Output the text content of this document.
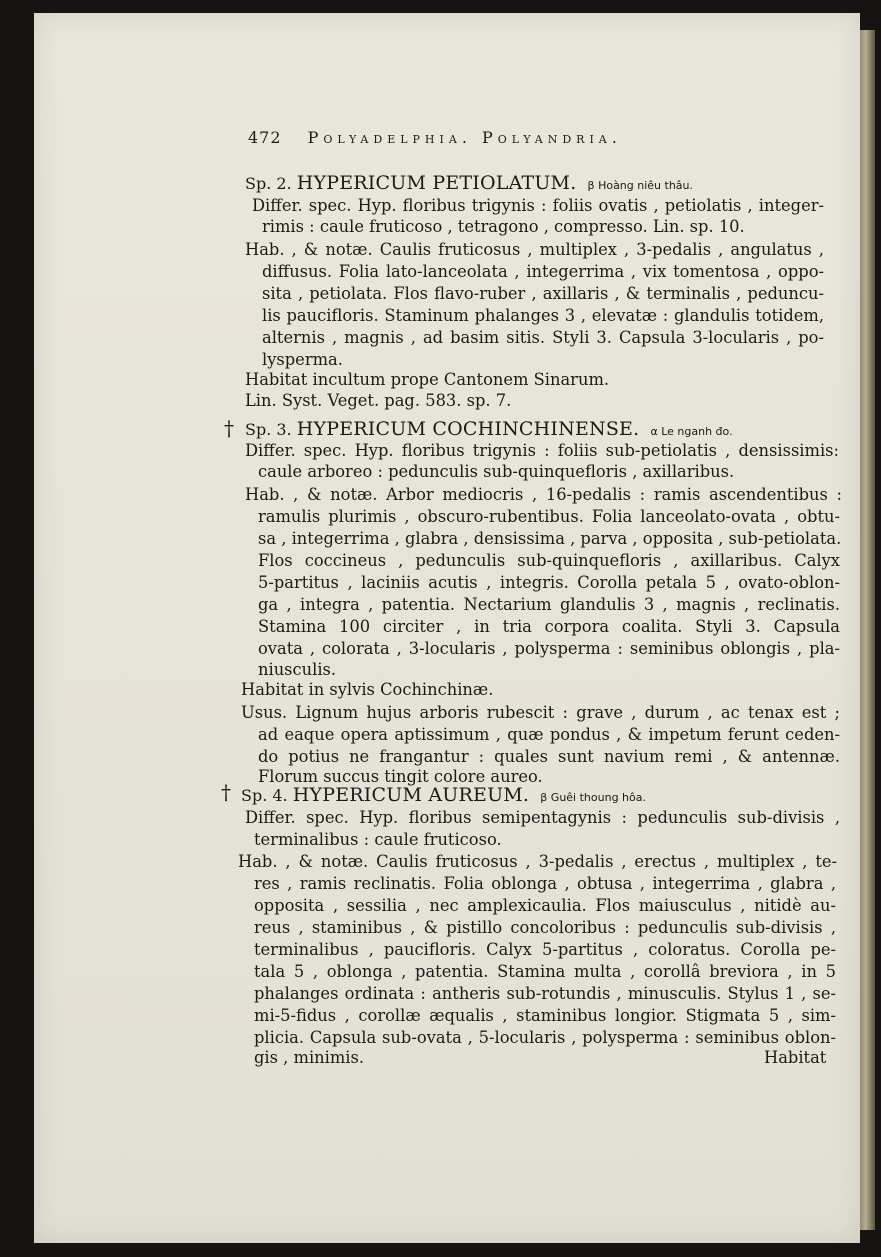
472 Polyadelphia. Polyandria.
Sp. 2. HYPERICUM PETIOLATUM. β Hoàng niêu thâu.
Differ. spec. Hyp. floribus trigynis : foliis ovatis , petiolatis , integer-
rimis : caule fruticoso , tetragono , compresso. Lin. sp. 10.
Hab. , & notæ. Caulis fruticosus , multiplex , 3-pedalis , angulatus ,
diffusus. Folia lato-lanceolata , integerrima , vix tomentosa , oppo-
sita , petiolata. Flos flavo-ruber , axillaris , & terminalis , peduncu-
lis paucifloris. Staminum phalanges 3 , elevatæ : glandulis totidem,
alternis , magnis , ad basim sitis. Styli 3. Capsula 3-locularis , po-
lysperma.
Habitat incultum prope Cantonem Sinarum.
Lin. Syst. Veget. pag. 583. sp. 7.
† Sp. 3. HYPERICUM COCHINCHINENSE. α Le nganh đo.
Differ. spec. Hyp. floribus trigynis : foliis sub-petiolatis , densissimis:
caule arboreo : pedunculis sub-quinquefloris , axillaribus.
Hab. , & notæ. Arbor mediocris , 16-pedalis : ramis ascendentibus :
ramulis plurimis , obscuro-rubentibus. Folia lanceolato-ovata , obtu-
sa , integerrima , glabra , densissima , parva , opposita , sub-petiolata.
Flos coccineus , pedunculis sub-quinquefloris , axillaribus. Calyx
5-partitus , laciniis acutis , integris. Corolla petala 5 , ovato-oblon-
ga , integra , patentia. Nectarium glandulis 3 , magnis , reclinatis.
Stamina 100 circiter , in tria corpora coalita. Styli 3. Capsula
ovata , colorata , 3-locularis , polysperma : seminibus oblongis , pla-
niusculis.
Habitat in sylvis Cochinchinæ.
Usus. Lignum hujus arboris rubescit : grave , durum , ac tenax est ;
ad eaque opera aptissimum , quæ pondus , & impetum ferunt ceden-
do potius ne frangantur : quales sunt navium remi , & antennæ.
Florum succus tingit colore aureo.
† Sp. 4. HYPERICUM AUREUM. β Guêi thoung hôa.
Differ. spec. Hyp. floribus semipentagynis : pedunculis sub-divisis ,
terminalibus : caule fruticoso.
Hab. , & notæ. Caulis fruticosus , 3-pedalis , erectus , multiplex , te-
res , ramis reclinatis. Folia oblonga , obtusa , integerrima , glabra ,
opposita , sessilia , nec amplexicaulia. Flos maiusculus , nitidè au-
reus , staminibus , & pistillo concoloribus : pedunculis sub-divisis ,
terminalibus , paucifloris. Calyx 5-partitus , coloratus. Corolla pe-
tala 5 , oblonga , patentia. Stamina multa , corollâ breviora , in 5
phalanges ordinata : antheris sub-rotundis , minusculis. Stylus 1 , se-
mi-5-fidus , corollæ æqualis , staminibus longior. Stigmata 5 , sim-
plicia. Capsula sub-ovata , 5-locularis , polysperma : seminibus oblon-
gis , minimis.	Habitat
